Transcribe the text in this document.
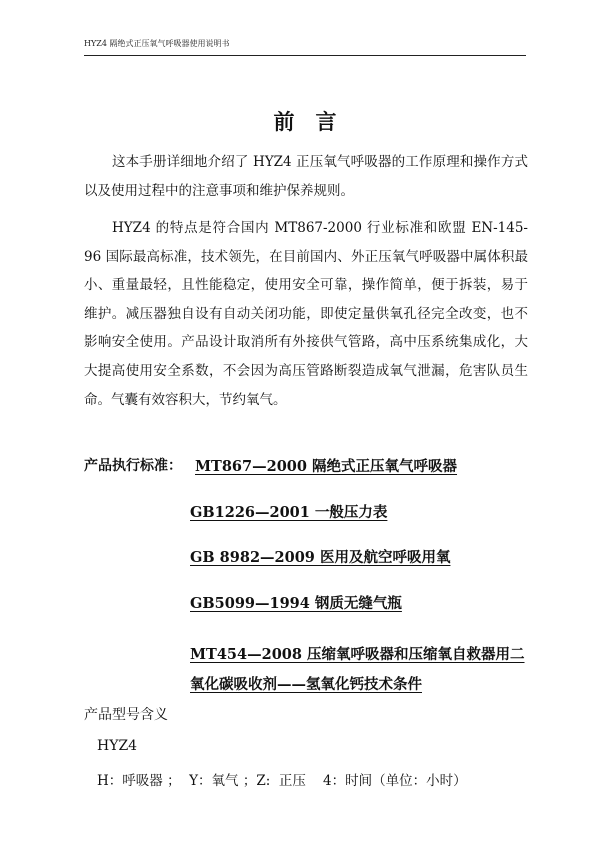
HYZ4 隔绝式正压氧气呼吸器使用说明书
前言

这本手册详细地介绍了 HYZ4 正压氧气呼吸器的工作原理和操作方式以及使用过程中的注意事项和维护保养规则。

HYZ4 的特点是符合国内 MT867-2000 行业标准和欧盟 EN-145-96 国际最高标准，技术领先，在目前国内、外正压氧气呼吸器中属体积最小、重量最轻，且性能稳定，使用安全可靠，操作简单，便于拆装，易于维护。减压器独自设有自动关闭功能，即使定量供氧孔径完全改变，也不影响安全使用。产品设计取消所有外接供气管路，高中压系统集成化，大大提高使用安全系数，不会因为高压管路断裂造成氧气泄漏，危害队员生命。气囊有效容积大，节约氧气。

产品执行标准： MT867—2000 隔绝式正压氧气呼吸器
GB1226—2001 一般压力表
GB 8982—2009 医用及航空呼吸用氧
GB5099—1994 钢质无缝气瓶
MT454—2008 压缩氧呼吸器和压缩氧自救器用二氧化碳吸收剂——氢氧化钙技术条件
产品型号含义
HYZ4
H：呼吸器 ；  Y：氧气 ；Z:  正压    4：时间（单位：小时）
